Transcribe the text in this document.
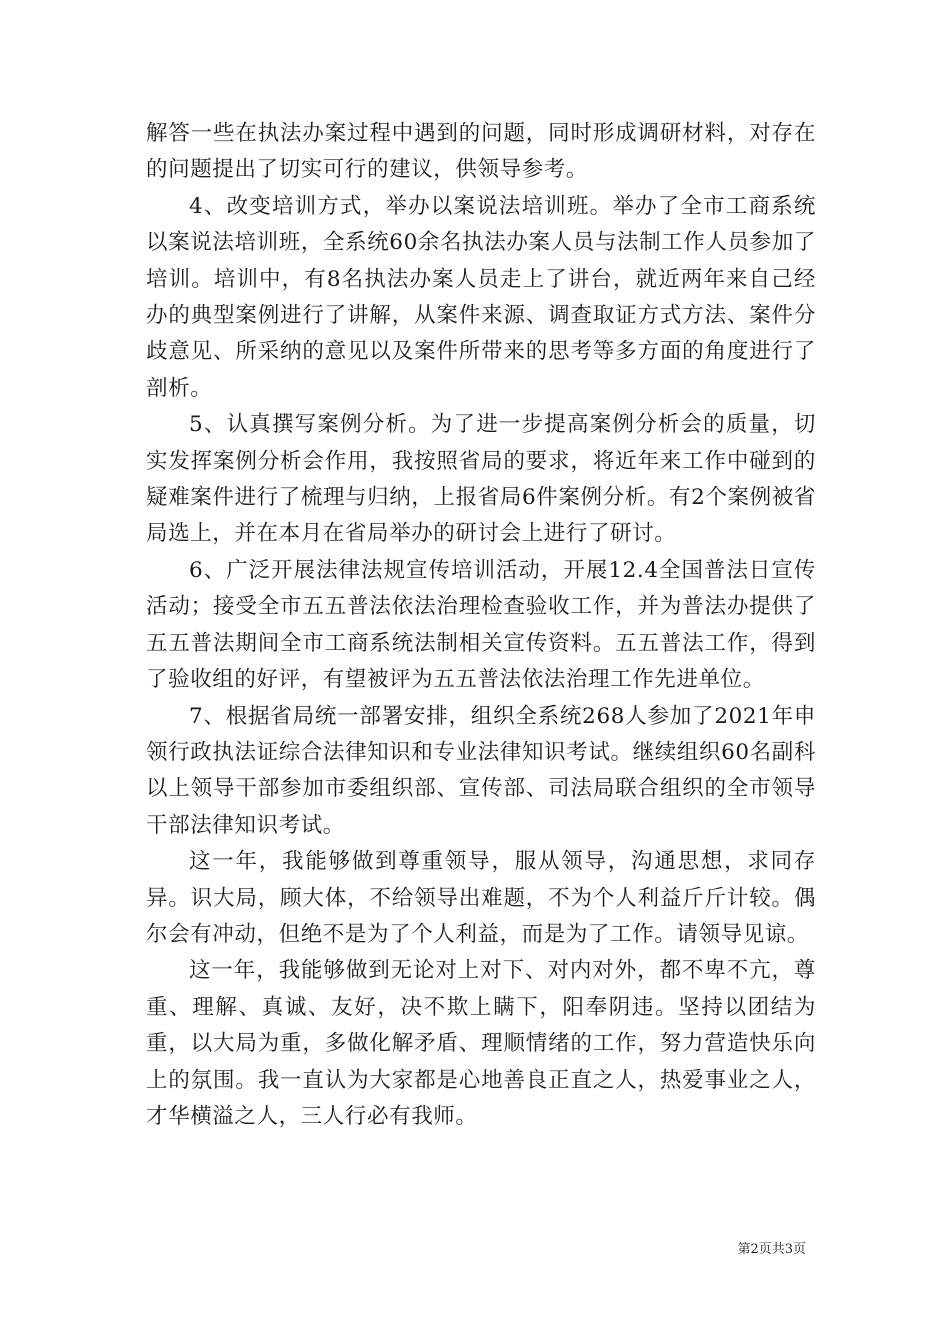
解答一些在执法办案过程中遇到的问题，同时形成调研材料，对存在的问题提出了切实可行的建议，供领导参考。

4、改变培训方式，举办以案说法培训班。举办了全市工商系统以案说法培训班，全系统60余名执法办案人员与法制工作人员参加了培训。培训中，有8名执法办案人员走上了讲台，就近两年来自己经办的典型案例进行了讲解，从案件来源、调查取证方式方法、案件分歧意见、所采纳的意见以及案件所带来的思考等多方面的角度进行了剖析。

5、认真撰写案例分析。为了进一步提高案例分析会的质量，切实发挥案例分析会作用，我按照省局的要求，将近年来工作中碰到的疑难案件进行了梳理与归纳，上报省局6件案例分析。有2个案例被省局选上，并在本月在省局举办的研讨会上进行了研讨。

6、广泛开展法律法规宣传培训活动，开展12.4全国普法日宣传活动；接受全市五五普法依法治理检查验收工作，并为普法办提供了五五普法期间全市工商系统法制相关宣传资料。五五普法工作，得到了验收组的好评，有望被评为五五普法依法治理工作先进单位。

7、根据省局统一部署安排，组织全系统268人参加了2021年申领行政执法证综合法律知识和专业法律知识考试。继续组织60名副科以上领导干部参加市委组织部、宣传部、司法局联合组织的全市领导干部法律知识考试。

这一年，我能够做到尊重领导，服从领导，沟通思想，求同存异。识大局，顾大体，不给领导出难题，不为个人利益斤斤计较。偶尔会有冲动，但绝不是为了个人利益，而是为了工作。请领导见谅。

这一年，我能够做到无论对上对下、对内对外，都不卑不亢，尊重、理解、真诚、友好，决不欺上瞒下，阳奉阴违。坚持以团结为重，以大局为重，多做化解矛盾、理顺情绪的工作，努力营造快乐向上的氛围。我一直认为大家都是心地善良正直之人，热爱事业之人，才华横溢之人，三人行必有我师。

第2页共3页
